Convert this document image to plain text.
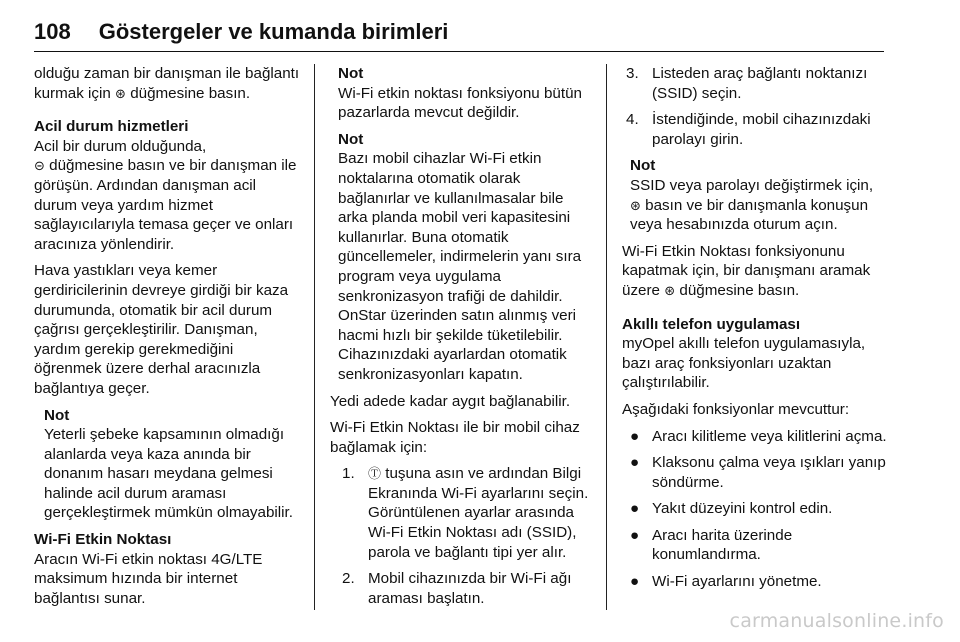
108 Göstergeler ve kumanda birimleri

olduğu zaman bir danışman ile bağlantı kurmak için ⊛ düğmesine basın.

Acil durum hizmetleri

Acil bir durum olduğunda,
⊝ düğmesine basın ve bir danışman ile görüşün. Ardından danışman acil durum veya yardım hizmet sağlayıcılarıyla temasa geçer ve onları aracınıza yönlendirir.

Hava yastıkları veya kemer gerdiricilerinin devreye girdiği bir kaza durumunda, otomatik bir acil durum çağrısı gerçekleştirilir. Danışman, yardım gerekip gerekmediğini öğrenmek üzere derhal aracınızla bağlantıya geçer.

Not
Yeterli şebeke kapsamının olmadığı alanlarda veya kaza anında bir donanım hasarı meydana gelmesi halinde acil durum araması gerçekleştirmek mümkün olmayabilir.

Wi-Fi Etkin Noktası

Aracın Wi-Fi etkin noktası 4G/LTE maksimum hızında bir internet bağlantısı sunar.

Not
Wi-Fi etkin noktası fonksiyonu bütün pazarlarda mevcut değildir.
Not
Bazı mobil cihazlar Wi-Fi etkin noktalarına otomatik olarak bağlanırlar ve kullanılmasalar bile arka planda mobil veri kapasitesini kullanırlar. Buna otomatik güncellemeler, indirmelerin yanı sıra program veya uygulama senkronizasyon trafiği de dahildir. OnStar üzerinden satın alınmış veri hacmi hızlı bir şekilde tüketilebilir. Cihazınızdaki ayarlardan otomatik senkronizasyonları kapatın.

Yedi adede kadar aygıt bağlanabilir.

Wi-Fi Etkin Noktası ile bir mobil cihaz bağlamak için:

1. Ⓣ tuşuna asın ve ardından Bilgi Ekranında Wi-Fi ayarlarını seçin. Görüntülenen ayarlar arasında Wi-Fi Etkin Noktası adı (SSID), parola ve bağlantı tipi yer alır.
2. Mobil cihazınızda bir Wi-Fi ağı araması başlatın.
3. Listeden araç bağlantı noktanızı (SSID) seçin.
4. İstendiğinde, mobil cihazınızdaki parolayı girin.
Not
SSID veya parolayı değiştirmek için,
⊛ basın ve bir danışmanla konuşun veya hesabınızda oturum açın.

Wi-Fi Etkin Noktası fonksiyonunu kapatmak için, bir danışmanı aramak üzere ⊛ düğmesine basın.

Akıllı telefon uygulaması

myOpel akıllı telefon uygulamasıyla, bazı araç fonksiyonları uzaktan çalıştırılabilir.

Aşağıdaki fonksiyonlar mevcuttur:

● Aracı kilitleme veya kilitlerini açma.
● Klaksonu çalma veya ışıkları yanıp söndürme.
● Yakıt düzeyini kontrol edin.
● Aracı harita üzerinde konumlandırma.
● Wi-Fi ayarlarını yönetme.
carmanualsonline.info
